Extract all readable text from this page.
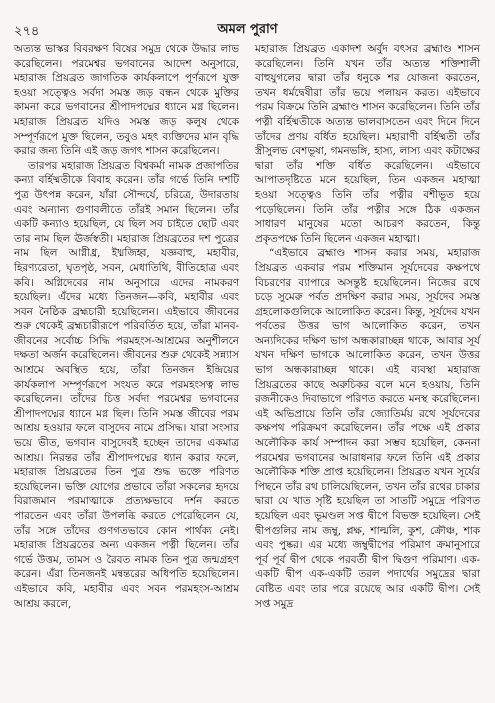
২৭৪	অমল পুরাণ

অত্যন্ত ভাস্কর বিবরক্ষণ বিষের সমুদ্র থেকে উদ্ধার লাভ করেছিলেন। পরমেশ্বর ভগবানের আদেশ অনুসারে, মহারাজ প্রিয়ব্রত জাগতিক কার্যকলাপে পূর্ণরূপে যুক্ত হওয়া সত্ত্বেও সর্বদা সমস্ত জড় বন্ধন থেকে মুক্তির কামনা করে ভগবানের শ্রীপাদপদ্মের ধ্যানে মগ্ন ছিলেন। মহারাজ প্রিয়ব্রত যদিও সমস্ত জড় কলুষ থেকে সম্পূর্ণরূপে মুক্ত ছিলেন, তবুও মহৎ ব্যক্তিদের মান বৃদ্ধি করার জন্য তিনি এই জড় জগৎ শাসন করেছিলেন।

তারপর মহারাজ প্রিয়ব্রত বিশ্বকর্মা নামক প্রজাপতির কন্যা বর্হিষ্মতীকে বিবাহ করেন। তাঁর গর্ভে তিনি দশটি পুত্র উৎপন্ন করেন, যাঁরা সৌন্দর্যে, চরিত্রে, উদারতায় এবং অন্যান্য গুণাবলীতে তাঁরই সমান ছিলেন। তাঁর একটি কন্যাও হয়েছিল, যে ছিল সব চাইতে ছোট এবং তার নাম ছিল ঊর্জস্বতী। মহারাজ প্রিয়ব্রতের দশ পুত্রের নাম ছিল আগ্নীধ্র, ইধ্মজিহ্ব, যজ্ঞবাহু, মহাবীর, হিরণ্যরেতা, ঘৃতপৃষ্ঠ, সবন, মেধাতিথি, বীতিহোত্র এবং কবি। অগ্নিদেবের নাম অনুসারে এদের নামকরণ হয়েছিল। এঁদের মধ্যে তিনজন—কবি, মহাবীর এবং সবন নৈষ্ঠিক ব্রহ্মচারী হয়েছিলেন। এইভাবে জীবনের শুরু থেকেই ব্রহ্মচারীরূপে পরিবর্তিত হয়ে, তাঁরা মানব-জীবনের সর্বোচ্চ সিদ্ধি পরমহংস-আশ্রমের অনুশীলনে দক্ষতা অর্জন করেছিলেন। জীবনের শুরু থেকেই সন্ন্যাস আশ্রমে অবস্থিত হয়ে, তাঁরা তিনজন ইন্দ্রিয়ের কার্যকলাপ সম্পূর্ণরূপে সংযত করে পরমহংসত্ব লাভ করেছিলেন। তাঁদের চিত্ত সর্বদা পরমেশ্বর ভগবানের শ্রীপাদপদ্মের ধ্যানে মগ্ন ছিল। তিনি সমস্ত জীবের পরম আশ্রয় হওয়ার ফলে বাসুদেব নামে প্রসিদ্ধ। যারা সংসার ভয়ে ভীত, ভগবান বাসুদেবই হচ্ছেন তাদের একমাত্র আশ্রয়। নিরন্তর তাঁর শ্রীপাদপদ্মের ধ্যান করার ফলে, মহারাজ প্রিয়ব্রতের তিন পুত্র শুদ্ধ ভক্তে পরিণত হয়েছিলেন। ভক্তি যোগের প্রভাবে তাঁরা সকলের হৃদয়ে বিরাজমান পরমাত্মাকে প্রত্যক্ষভাবে দর্শন করতে পারতেন এবং তাঁরা উপলব্ধি করতে পেরেছিলেন যে, তাঁর সঙ্গে তাঁদের গুণগতভাবে কোন পার্থক্য নেই। মহারাজ প্রিয়ব্রতের অন্য একজন পত্নী ছিলেন। তাঁর গর্ভে উত্তম, তামস ও রৈবত নামক তিন পুত্র জন্মগ্রহণ করেন। এঁরা তিনজনই মন্বন্তরের অধিপতি হয়েছিলেন। এইভাবে কবি, মহাবীর এবং সবন পরমহংস-আশ্রম আশ্রয় করলে,

মহারাজ প্রিয়ব্রত একাদশ অর্বুদ বৎসর ব্রহ্মাণ্ড শাসন করেছিলেন। তিনি যখন তাঁর অত্যন্ত শক্তিশালী বাহুযুগলের দ্বারা তাঁর ধনুকে শর যোজনা করতেন, তখন ধর্মদ্বেষীরা তাঁর ভয়ে পলায়ন করত। এইভাবে পরম বিক্রমে তিনি ব্রহ্মাণ্ড শাসন করেছিলেন। তিনি তাঁর পত্নী বর্হিষ্মতীকে অত্যন্ত ভালবাসতেন এবং দিনে দিনে তাঁদের প্রণয় বর্ধিত হয়েছিল। মহারাণী বর্হিষ্মতী তাঁর স্ত্রীসুলভ বেশভূষা, গমনভঙ্গি, হাস্য, লাস্য এবং কটাক্ষের দ্বারা তাঁর শক্তি বর্ধিত করেছিলেন। এইভাবে আপাতদৃষ্টিতে মনে হয়েছিল, তিন একজন মহাত্মা হওয়া সত্ত্বেও তিনি তাঁর পত্নীর বশীভূত হয়ে পড়েছিলেন। তিনি তাঁর পত্নীর সঙ্গে ঠিক একজন সাধারণ মানুষের মতো আচরণ করতেন, কিন্তু প্রকৃতপক্ষে তিনি ছিলেন একজন মহাত্মা।

“এইভাবে ব্রহ্মাণ্ড শাসন করার সময়, মহারাজ প্রিয়ব্রত একবার পরম শক্তিমান সূর্যদেবের কক্ষপথে বিচরণের ব্যাপারে অসন্তুষ্ট হয়েছিলেন। নিজের রথে চড়ে সুমেরু পর্বত প্রদক্ষিণ করার সময়, সূর্যদেব সমস্ত গ্রহলোকগুলিকে আলোকিত করেন। কিন্তু, সূর্যদেব যখন পর্বতের উত্তর ভাগ আলোকিত করেন, তখন অন্যদিকের দক্ষিণ ভাগ অন্ধকারাচ্ছন্ন থাকে, আবার সূর্য যখন দক্ষিণ ভাগকে আলোকিত করেন, তখন উত্তর ভাগ অন্ধকারাচ্ছন্ন থাকে। এই ব্যবস্থা মহারাজ প্রিয়ব্রতের কাছে অরুচিকর বলে মনে হওয়ায়, তিনি রজনীকেও দিবাভাগে পরিণত করতে মনস্থ করেছিলেন। এই অভিপ্রায়ে তিনি তাঁর জ্যোতির্ময় রথে সূর্যদেবের কক্ষপথ পরিক্রমণ করেছিলেন। তাঁর পক্ষে এই প্রকার অলৌকিক কার্য সম্পাদন করা সম্ভব হয়েছিল, কেননা পরমেশ্বর ভগবানের আরাধনার ফলে তিনি এই প্রকার অলৌকিক শক্তি প্রাপ্ত হয়েছিলেন। প্রিয়ব্রত যখন সূর্যের পিছনে তাঁর রথ চালিয়েছিলেন, তখন তাঁর রথের চাকার দ্বারা যে খাত সৃষ্টি হয়েছিল তা সাতটি সমুদ্রে পরিণত হয়েছিল এবং ভূমণ্ডল সপ্ত দ্বীপে বিভক্ত হয়েছিল। সেই দ্বীপগুলির নাম জম্বু, প্লক্ষ, শাল্মলি, কুশ, ক্রৌঞ্চ, শাক এবং পুষ্কর। এর মধ্যে জম্বুদ্বীপের পরিমাণ ক্রমানুসারে পূর্ব পূর্ব দ্বীপ থেকে পরবর্তী দ্বীপ দ্বিগুণ পরিমাণ। এক-একটি দ্বীপ এক-একটি তরল পদার্থের সমুদ্রের দ্বারা বেষ্টিত এবং তার পরে রয়েছে আর একটি দ্বীপ। সেই সপ্ত সমুদ্র
